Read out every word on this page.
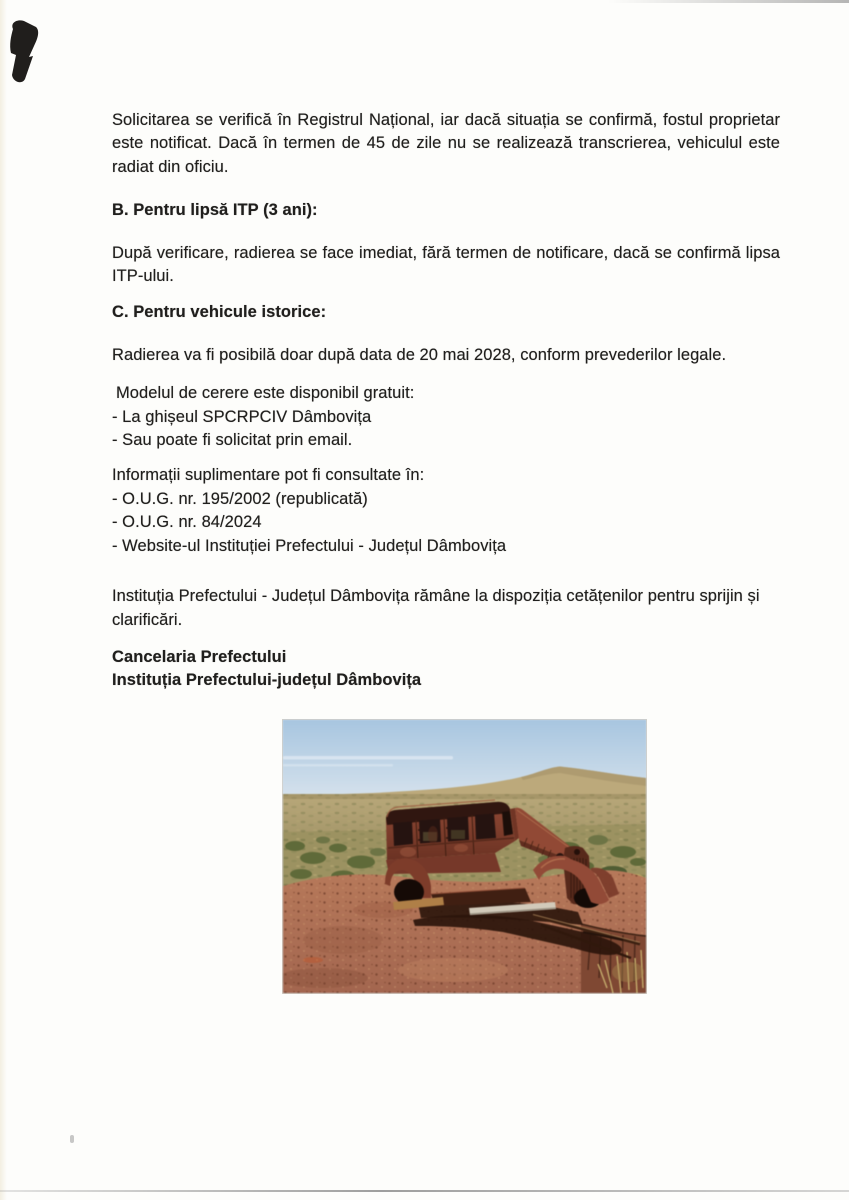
Solicitarea se verifică în Registrul Național, iar dacă situația se confirmă, fostul proprietar este notificat. Dacă în termen de 45 de zile nu se realizează transcrierea, vehiculul este radiat din oficiu.

B. Pentru lipsă ITP (3 ani):

După verificare, radierea se face imediat, fără termen de notificare, dacă se confirmă lipsa ITP-ului.

C. Pentru vehicule istorice:

Radierea va fi posibilă doar după data de 20 mai 2028, conform prevederilor legale.

Modelul de cerere este disponibil gratuit:
- La ghișeul SPCRPCIV Dâmbovița
- Sau poate fi solicitat prin email.
Informații suplimentare pot fi consultate în:
- O.U.G. nr. 195/2002 (republicată)
- O.U.G. nr. 84/2024
- Website-ul Instituției Prefectului - Județul Dâmbovița

Instituția Prefectului - Județul Dâmbovița rămâne la dispoziția cetățenilor pentru sprijin și clarificări.

Cancelaria Prefectului
Instituția Prefectului-județul Dâmbovița
